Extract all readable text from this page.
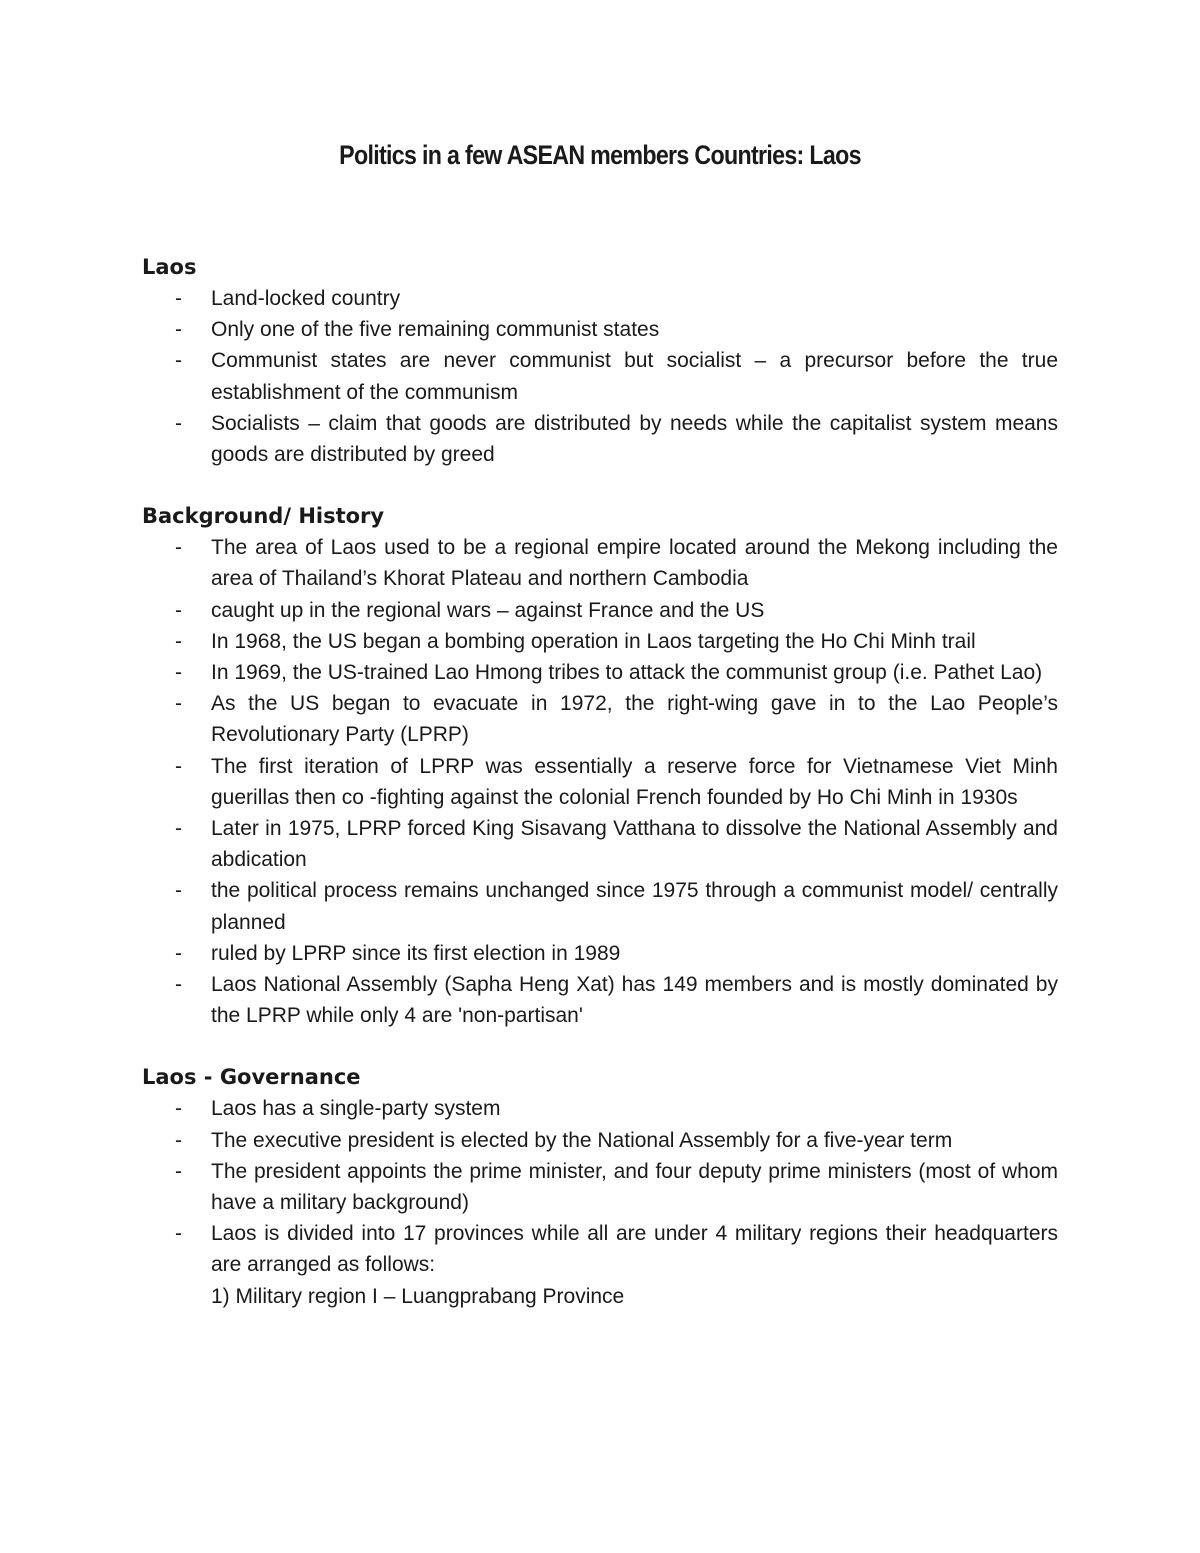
Politics in a few ASEAN members Countries: Laos
Laos
- Land-locked country
- Only one of the five remaining communist states
- Communist states are never communist but socialist – a precursor before the true establishment of the communism
- Socialists – claim that goods are distributed by needs while the capitalist system means goods are distributed by greed
Background/ History
- The area of Laos used to be a regional empire located around the Mekong including the area of Thailand’s Khorat Plateau and northern Cambodia
- caught up in the regional wars – against France and the US
- In 1968, the US began a bombing operation in Laos targeting the Ho Chi Minh trail
- In 1969, the US-trained Lao Hmong tribes to attack the communist group (i.e. Pathet Lao)
- As the US began to evacuate in 1972, the right-wing gave in to the Lao People’s Revolutionary Party (LPRP)
- The first iteration of LPRP was essentially a reserve force for Vietnamese Viet Minh guerillas then co -fighting against the colonial French founded by Ho Chi Minh in 1930s
- Later in 1975, LPRP forced King Sisavang Vatthana to dissolve the National Assembly and abdication
- the political process remains unchanged since 1975 through a communist model/ centrally planned
- ruled by LPRP since its first election in 1989
- Laos National Assembly (Sapha Heng Xat) has 149 members and is mostly dominated by the LPRP while only 4 are 'non-partisan'
Laos - Governance
- Laos has a single-party system
- The executive president is elected by the National Assembly for a five-year term
- The president appoints the prime minister, and four deputy prime ministers (most of whom have a military background)
- Laos is divided into 17 provinces while all are under 4 military regions their headquarters are arranged as follows:
1) Military region I – Luangprabang Province
